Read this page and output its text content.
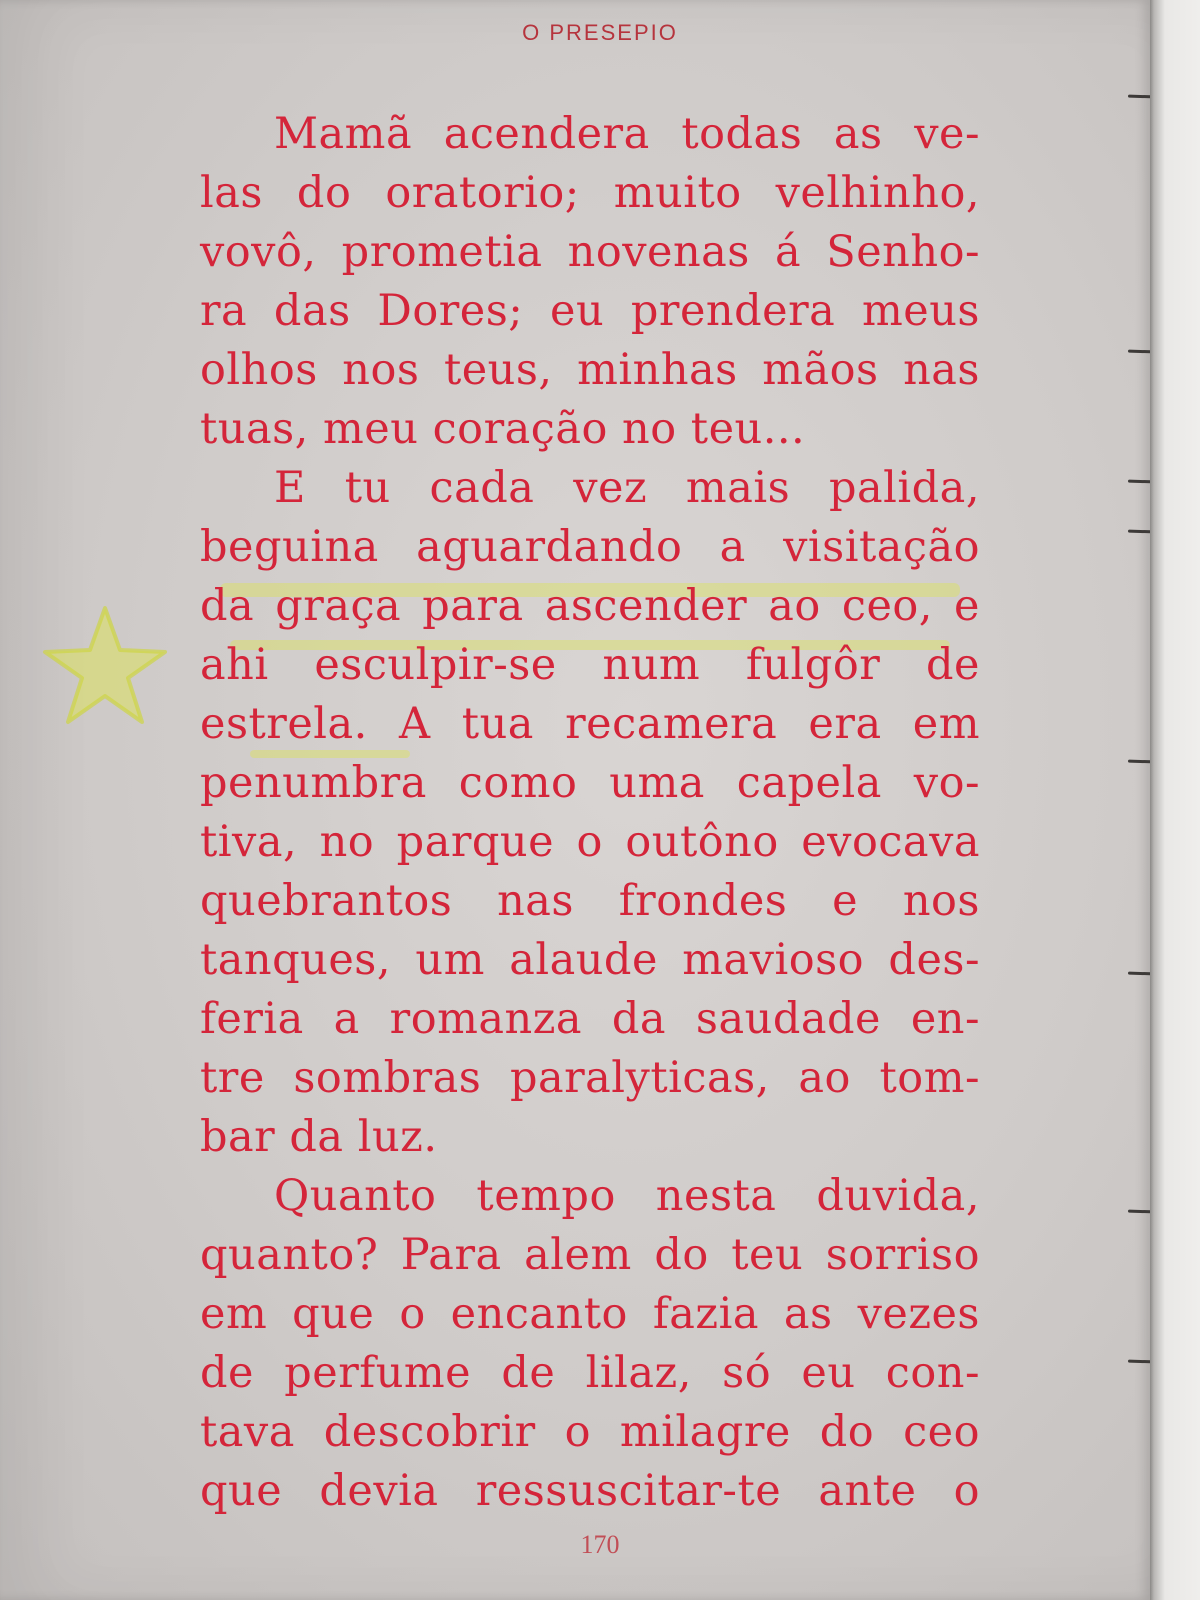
O PRESEPIO
Mamã acendera todas as ve-
las do oratorio; muito velhinho,
vovô, prometia novenas á Senho-
ra das Dores; eu prendera meus
olhos nos teus, minhas mãos nas
tuas, meu coração no teu...
E tu cada vez mais palida,
beguina aguardando a visitação
da graça para ascender ao ceo, e
ahi esculpir-se num fulgôr de
estrela. A tua recamera era em
penumbra como uma capela vo-
tiva, no parque o outôno evocava
quebrantos nas frondes e nos
tanques, um alaude mavioso des-
feria a romanza da saudade en-
tre sombras paralyticas, ao tom-
bar da luz.
Quanto tempo nesta duvida,
quanto? Para alem do teu sorriso
em que o encanto fazia as vezes
de perfume de lilaz, só eu con-
tava descobrir o milagre do ceo
que devia ressuscitar-te ante o
170
